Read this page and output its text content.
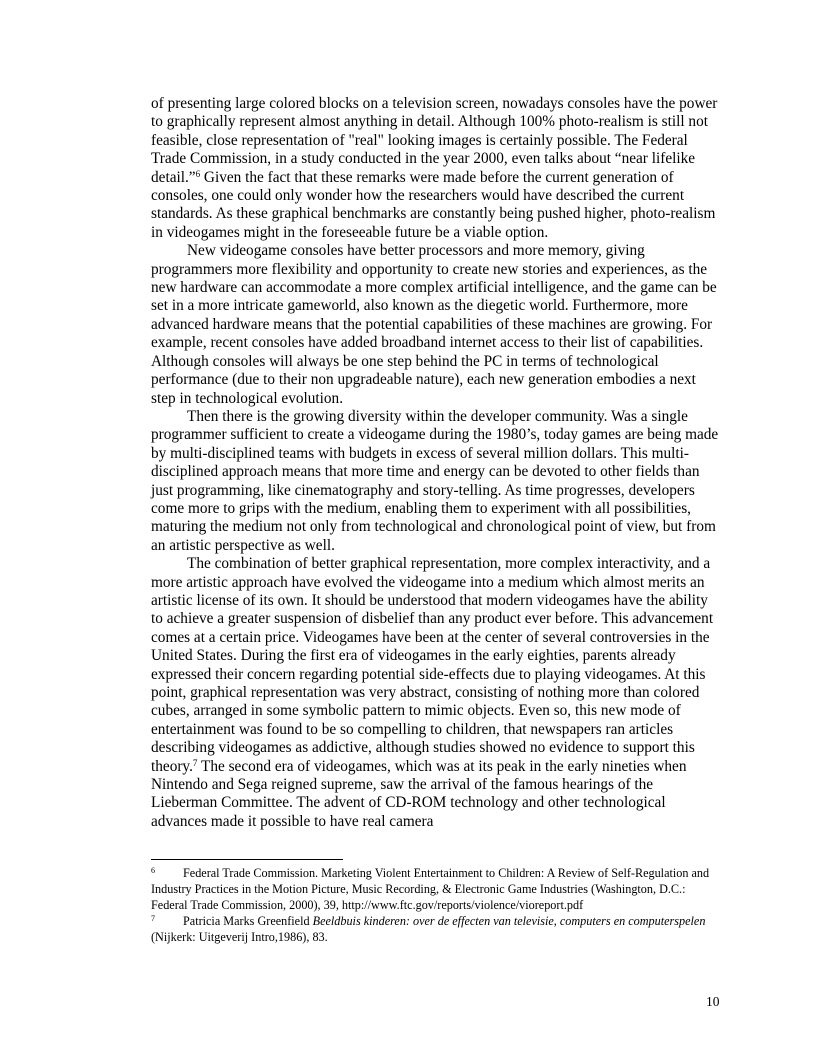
of presenting large colored blocks on a television screen, nowadays consoles have the power to graphically represent almost anything in detail. Although 100% photo-realism is still not feasible, close representation of "real" looking images is certainly possible. The Federal Trade Commission, in a study conducted in the year 2000, even talks about “near lifelike detail.”$^6$ Given the fact that these remarks were made before the current generation of consoles, one could only wonder how the researchers would have described the current standards. As these graphical benchmarks are constantly being pushed higher, photo-realism in videogames might in the foreseeable future be a viable option.

New videogame consoles have better processors and more memory, giving programmers more flexibility and opportunity to create new stories and experiences, as the new hardware can accommodate a more complex artificial intelligence, and the game can be set in a more intricate gameworld, also known as the diegetic world. Furthermore, more advanced hardware means that the potential capabilities of these machines are growing. For example, recent consoles have added broadband internet access to their list of capabilities. Although consoles will always be one step behind the PC in terms of technological performance (due to their non upgradeable nature), each new generation embodies a next step in technological evolution.

Then there is the growing diversity within the developer community. Was a single programmer sufficient to create a videogame during the 1980’s, today games are being made by multi-disciplined teams with budgets in excess of several million dollars. This multi-disciplined approach means that more time and energy can be devoted to other fields than just programming, like cinematography and story-telling. As time progresses, developers come more to grips with the medium, enabling them to experiment with all possibilities, maturing the medium not only from technological and chronological point of view, but from an artistic perspective as well.

The combination of better graphical representation, more complex interactivity, and a more artistic approach have evolved the videogame into a medium which almost merits an artistic license of its own. It should be understood that modern videogames have the ability to achieve a greater suspension of disbelief than any product ever before. This advancement comes at a certain price. Videogames have been at the center of several controversies in the United States. During the first era of videogames in the early eighties, parents already expressed their concern regarding potential side-effects due to playing videogames. At this point, graphical representation was very abstract, consisting of nothing more than colored cubes, arranged in some symbolic pattern to mimic objects. Even so, this new mode of entertainment was found to be so compelling to children, that newspapers ran articles describing videogames as addictive, although studies showed no evidence to support this theory.$^7$ The second era of videogames, which was at its peak in the early nineties when Nintendo and Sega reigned supreme, saw the arrival of the famous hearings of the Lieberman Committee. The advent of CD-ROM technology and other technological advances made it possible to have real camera

$^6$ Federal Trade Commission. Marketing Violent Entertainment to Children: A Review of Self-Regulation and Industry Practices in the Motion Picture, Music Recording, & Electronic Game Industries (Washington, D.C.: Federal Trade Commission, 2000), 39, http://www.ftc.gov/reports/violence/vioreport.pdf

$^7$ Patricia Marks Greenfield Beeldbuis kinderen: over de effecten van televisie, computers en computerspelen (Nijkerk: Uitgeverij Intro,1986), 83.

10
